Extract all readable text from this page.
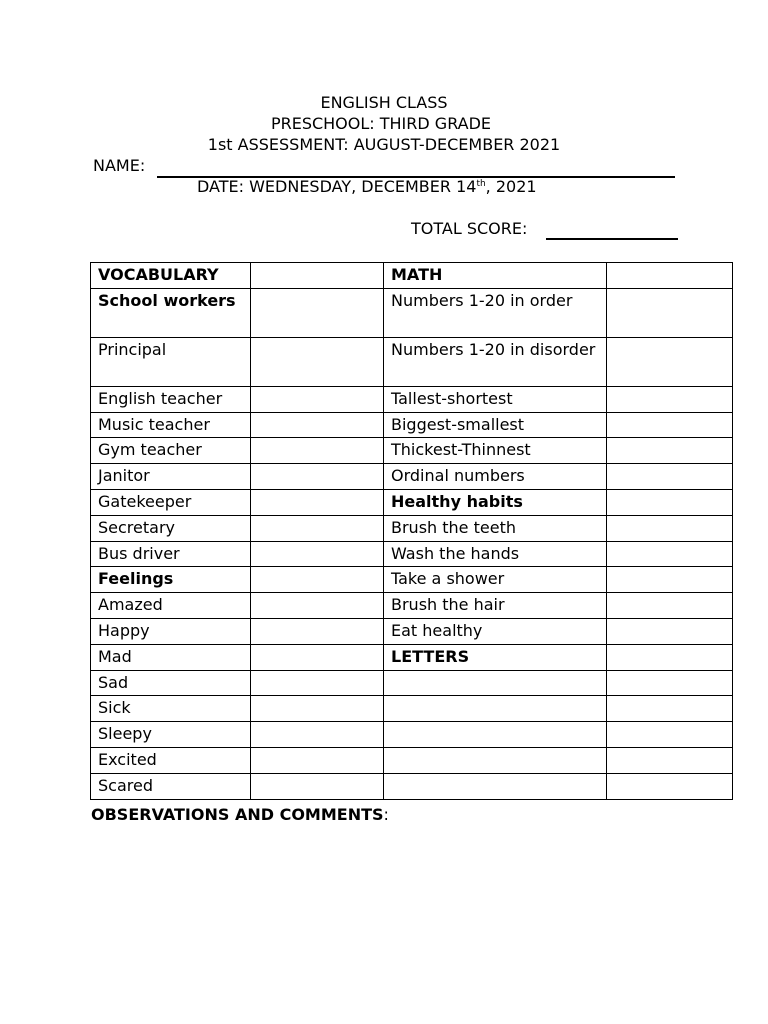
ENGLISH CLASS
PRESCHOOL: THIRD GRADE
1st ASSESSMENT: AUGUST-DECEMBER 2021
NAME:
DATE: WEDNESDAY, DECEMBER 14th, 2021
TOTAL SCORE:
VOCABULARY		MATH	
School workers		Numbers 1-20 in order	
Principal		Numbers 1-20 in disorder	
English teacher		Tallest-shortest	
Music teacher		Biggest-smallest	
Gym teacher		Thickest-Thinnest	
Janitor		Ordinal numbers	
Gatekeeper		Healthy habits	
Secretary		Brush the teeth	
Bus driver		Wash the hands	
Feelings		Take a shower	
Amazed		Brush the hair	
Happy		Eat healthy	
Mad		LETTERS	
Sad			
Sick			
Sleepy			
Excited			
Scared			
OBSERVATIONS AND COMMENTS:
